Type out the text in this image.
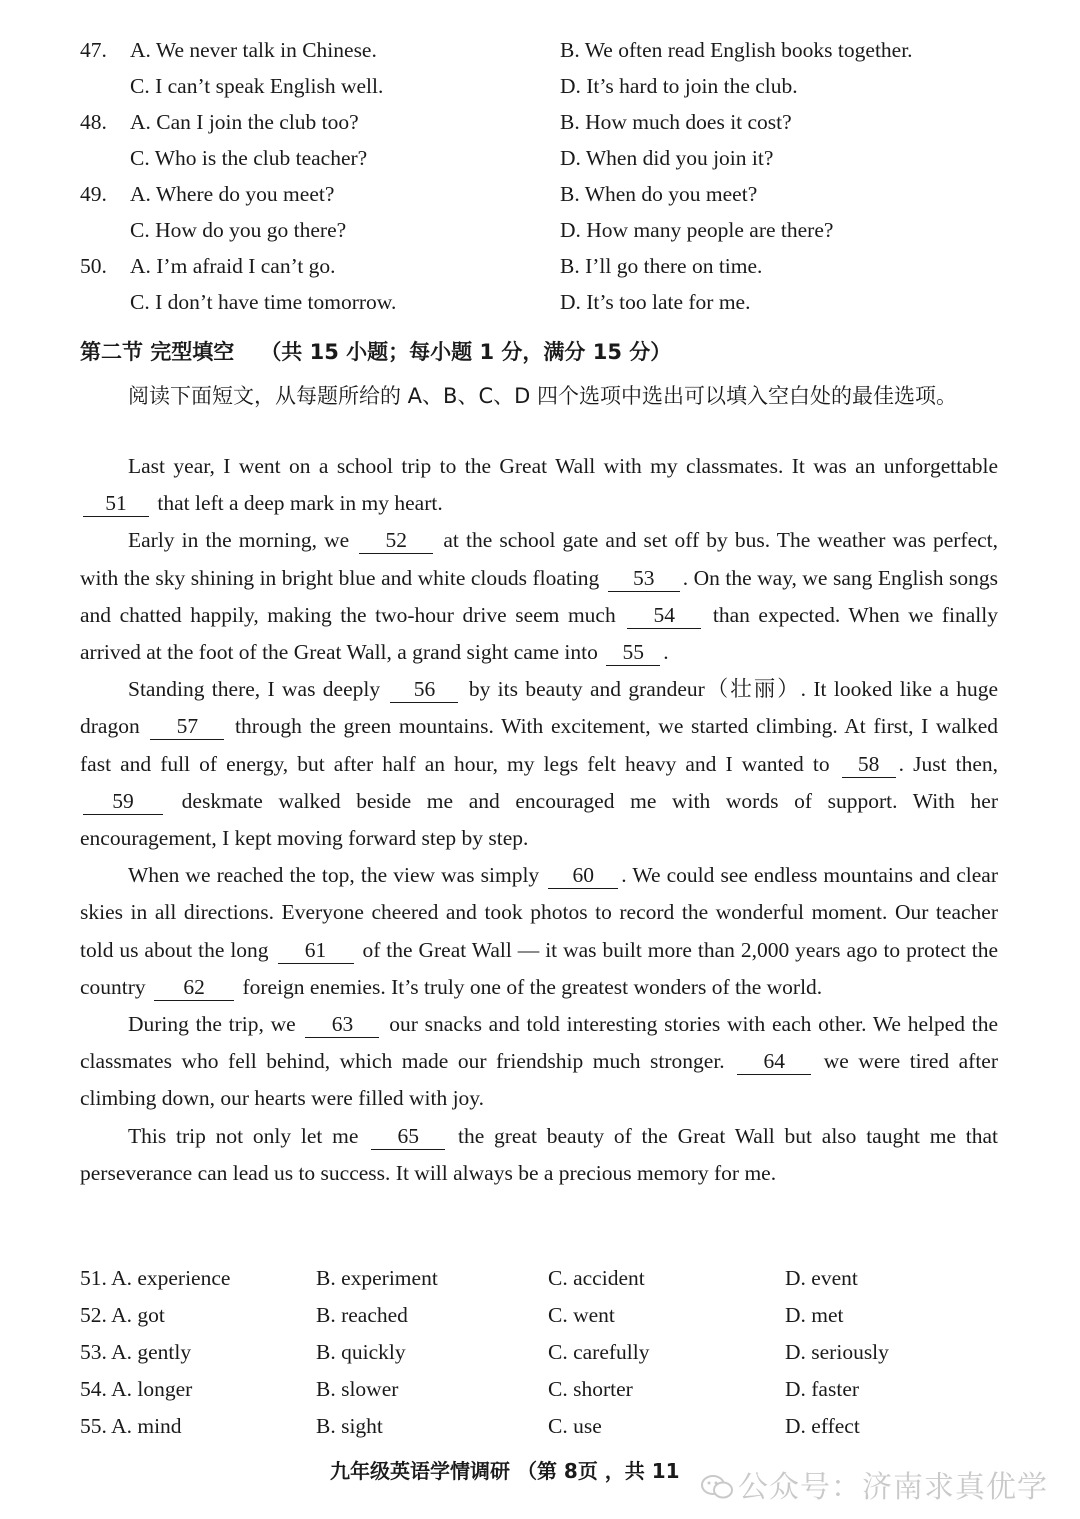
47. A. We never talk in Chinese.	B. We often read English books together.
C. I can’t speak English well.	D. It’s hard to join the club.
48. A. Can I join the club too?	B. How much does it cost?
C. Who is the club teacher?	D. When did you join it?
49. A. Where do you meet?	B. When do you meet?
C. How do you go there?	D. How many people are there?
50. A. I’m afraid I can’t go.	B. I’ll go there on time.
C. I don’t have time tomorrow.	D. It’s too late for me.
第二节 完型填空 （共 15 小题；每小题 1 分，满分 15 分）
阅读下面短文，从每题所给的 A、B、C、D 四个选项中选出可以填入空白处的最佳选项。

Last year, I went on a school trip to the Great Wall with my classmates. It was an unforgettable 51 that left a deep mark in my heart.

Early in the morning, we 52 at the school gate and set off by bus. The weather was perfect, with the sky shining in bright blue and white clouds floating 53 . On the way, we sang English songs and chatted happily, making the two-hour drive seem much 54 than expected. When we finally arrived at the foot of the Great Wall, a grand sight came into 55 .

Standing there, I was deeply 56 by its beauty and grandeur（壮丽）. It looked like a huge dragon 57 through the green mountains. With excitement, we started climbing. At first, I walked fast and full of energy, but after half an hour, my legs felt heavy and I wanted to 58 . Just then, 59 deskmate walked beside me and encouraged me with words of support. With her encouragement, I kept moving forward step by step.

When we reached the top, the view was simply 60 . We could see endless mountains and clear skies in all directions. Everyone cheered and took photos to record the wonderful moment. Our teacher told us about the long 61 of the Great Wall — it was built more than 2,000 years ago to protect the country 62 foreign enemies. It’s truly one of the greatest wonders of the world.

During the trip, we 63 our snacks and told interesting stories with each other. We helped the classmates who fell behind, which made our friendship much stronger. 64 we were tired after climbing down, our hearts were filled with joy.

This trip not only let me 65 the great beauty of the Great Wall but also taught me that perseverance can lead us to success. It will always be a precious memory for me.

51. A. experience	B. experiment	C. accident	D. event
52. A. got	B. reached	C. went	D. met
53. A. gently	B. quickly	C. carefully	D. seriously
54. A. longer	B. slower	C. shorter	D. faster
55. A. mind	B. sight	C. use	D. effect
九年级英语学情调研 （第 8页 ，共 11	公众号：济南求真优学
